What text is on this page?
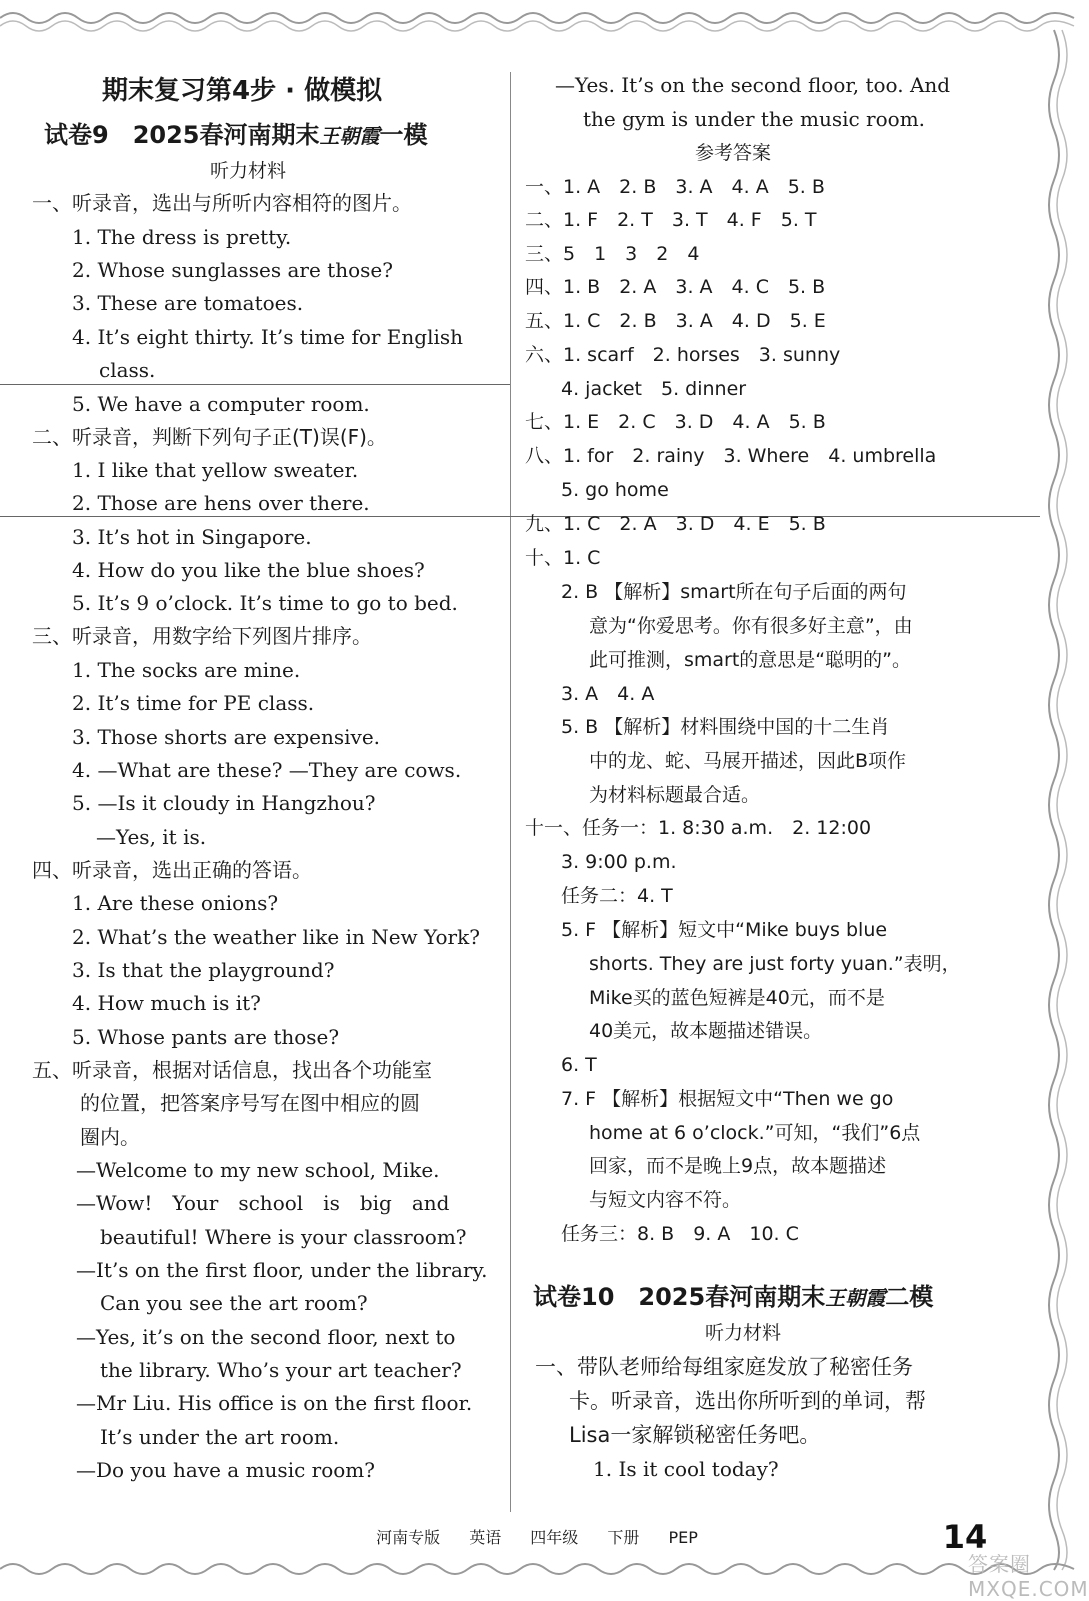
期末复习第4步 · 做模拟
试卷9　2025春河南期末王朝霞一模
听力材料
一、听录音，选出与所听内容相符的图片。
1. The dress is pretty.
2. Whose sunglasses are those?
3. These are tomatoes.
4. It’s eight thirty. It’s time for English
class.
5. We have a computer room.
二、听录音，判断下列句子正(T)误(F)。
1. I like that yellow sweater.
2. Those are hens over there.
3. It’s hot in Singapore.
4. How do you like the blue shoes?
5. It’s 9 o’clock. It’s time to go to bed.
三、听录音，用数字给下列图片排序。
1. The socks are mine.
2. It’s time for PE class.
3. Those shorts are expensive.
4. —What are these? —They are cows.
5. —Is it cloudy in Hangzhou?
—Yes, it is.
四、听录音，选出正确的答语。
1. Are these onions?
2. What’s the weather like in New York?
3. Is that the playground?
4. How much is it?
5. Whose pants are those?
五、听录音，根据对话信息，找出各个功能室
的位置，把答案序号写在图中相应的圆
圈内。
—Welcome to my new school, Mike.
—Wow!　Your　school　is　big　and
beautiful! Where is your classroom?
—It’s on the first floor, under the library.
Can you see the art room?
—Yes, it’s on the second floor, next to
the library. Who’s your art teacher?
—Mr Liu. His office is on the first floor.
It’s under the art room.
—Do you have a music room?
—Yes. It’s on the second floor, too. And
the gym is under the music room.
参考答案
一、1. A　2. B　3. A　4. A　5. B
二、1. F　2. T　3. T　4. F　5. T
三、5　1　3　2　4
四、1. B　2. A　3. A　4. C　5. B
五、1. C　2. B　3. A　4. D　5. E
六、1. scarf　2. horses　3. sunny
4. jacket　5. dinner
七、1. E　2. C　3. D　4. A　5. B
八、1. for　2. rainy　3. Where　4. umbrella
5. go home
九、1. C　2. A　3. D　4. E　5. B
十、1. C
2. B 【解析】smart所在句子后面的两句
意为“你爱思考。你有很多好主意”，由
此可推测，smart的意思是“聪明的”。
3. A　4. A
5. B 【解析】材料围绕中国的十二生肖
中的龙、蛇、马展开描述，因此B项作
为材料标题最合适。
十一、任务一：1. 8:30 a.m.　2. 12:00
3. 9:00 p.m.
任务二：4. T
5. F 【解析】短文中“Mike buys blue
shorts. They are just forty yuan.”表明，
Mike买的蓝色短裤是40元，而不是
40美元，故本题描述错误。
6. T
7. F 【解析】根据短文中“Then we go
home at 6 o’clock.”可知，“我们”6点
回家，而不是晚上9点，故本题描述
与短文内容不符。
任务三：8. B　9. A　10. C
试卷10　2025春河南期末王朝霞二模
听力材料
一、带队老师给每组家庭发放了秘密任务
卡。听录音，选出你所听到的单词，帮
Lisa一家解锁秘密任务吧。
1. Is it cool today?
河南专版 英语 四年级 下册 PEP	14
答案圈 MXQE.COM
